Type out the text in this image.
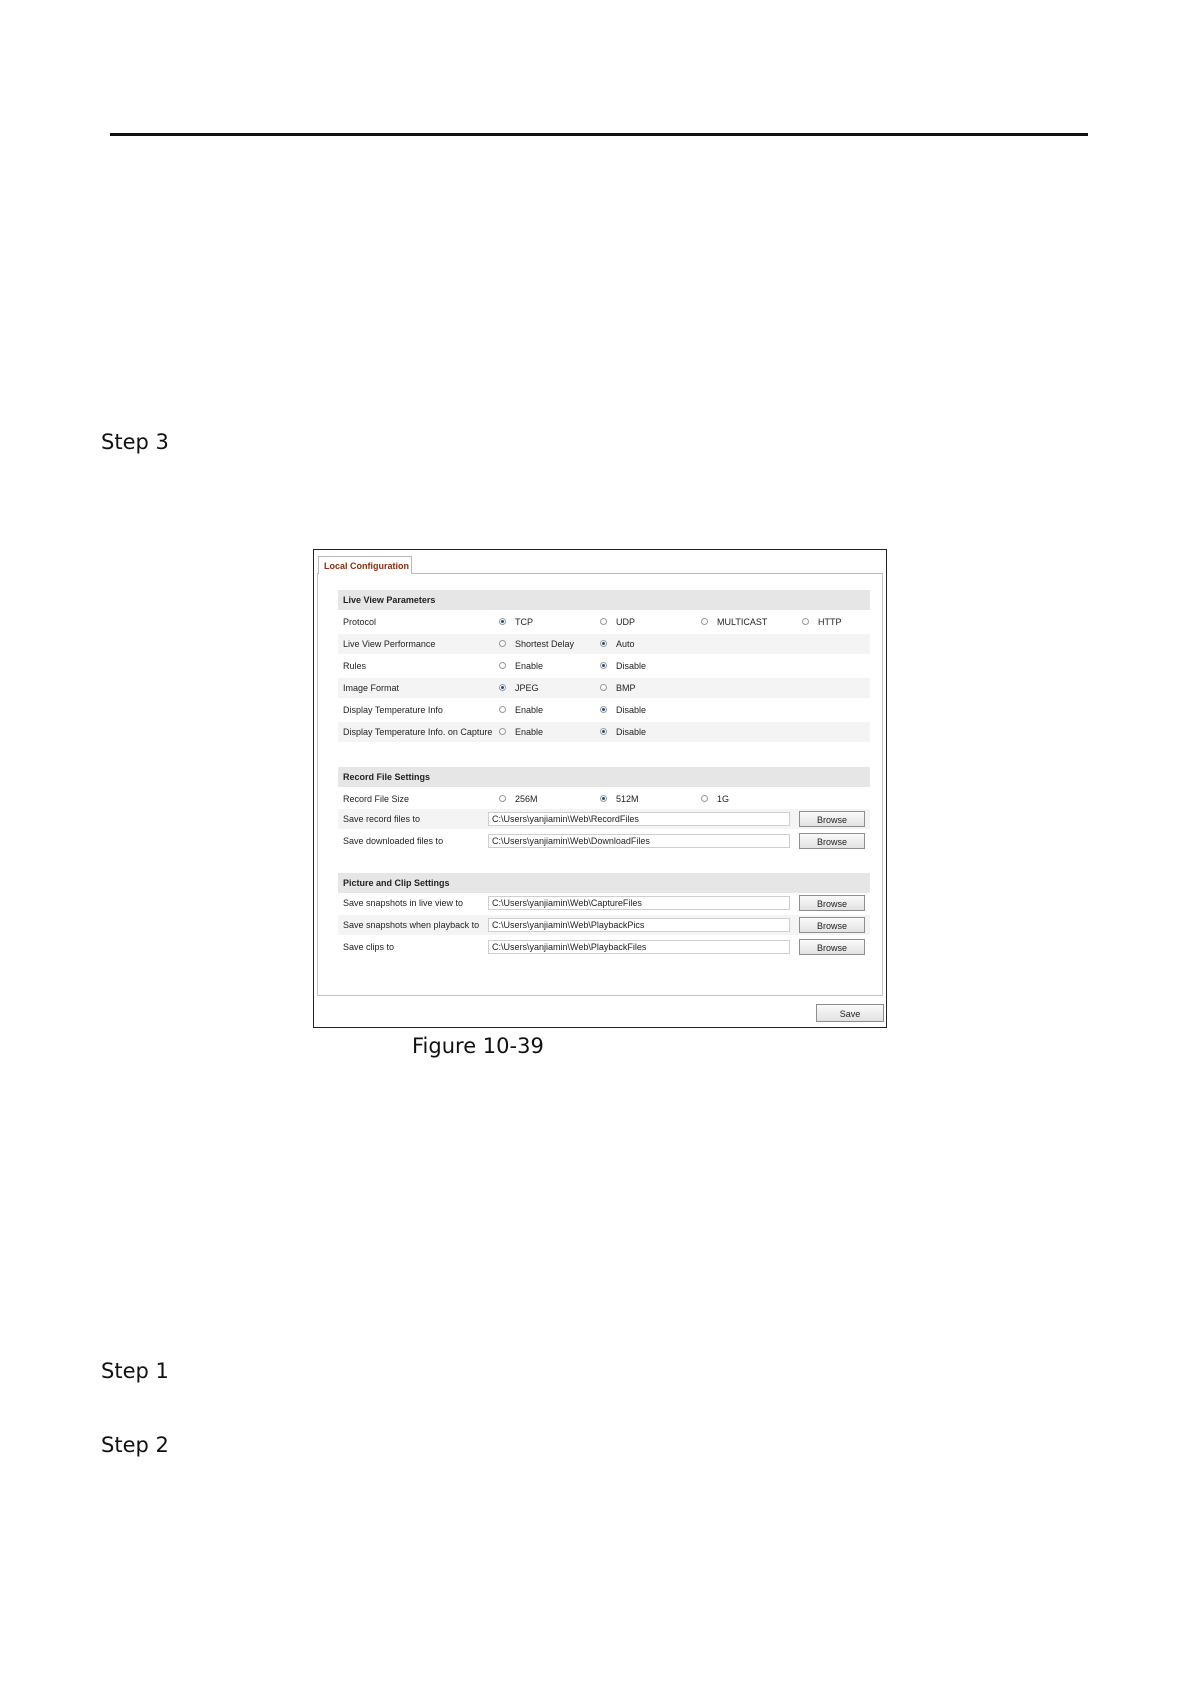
Step 3
Local Configuration
Live View Parameters
Protocol	TCP	UDP	MULTICAST	HTTP
Live View Performance	Shortest Delay	Auto
Rules	Enable	Disable
Image Format	JPEG	BMP
Display Temperature Info	Enable	Disable
Display Temperature Info. on Capture	Enable	Disable
Record File Settings
Record File Size	256M	512M	1G
Save record files to	C:\Users\yanjiamin\Web\RecordFiles	Browse
Save downloaded files to	C:\Users\yanjiamin\Web\DownloadFiles	Browse
Picture and Clip Settings
Save snapshots in live view to	C:\Users\yanjiamin\Web\CaptureFiles	Browse
Save snapshots when playback to	C:\Users\yanjiamin\Web\PlaybackPics	Browse
Save clips to	C:\Users\yanjiamin\Web\PlaybackFiles	Browse
Save
Figure 10-39
Step 1
Step 2
